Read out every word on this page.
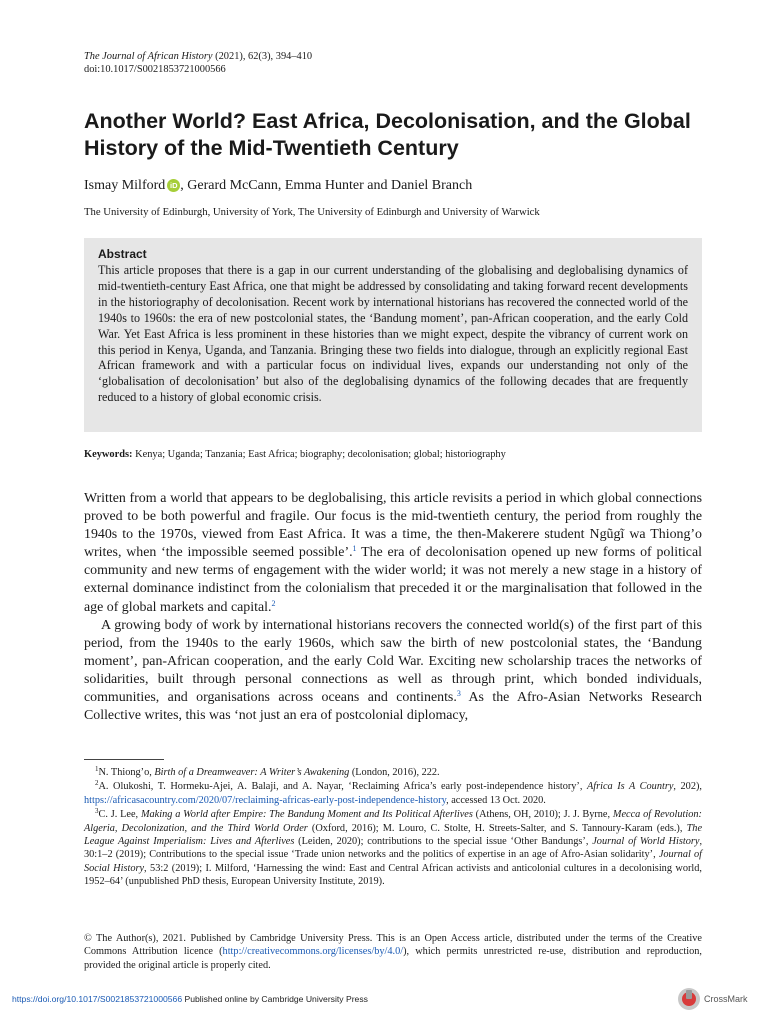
The Journal of African History (2021), 62(3), 394–410
doi:10.1017/S0021853721000566
Another World? East Africa, Decolonisation, and the Global History of the Mid-Twentieth Century
Ismay Milford iD , Gerard McCann, Emma Hunter and Daniel Branch
The University of Edinburgh, University of York, The University of Edinburgh and University of Warwick
Abstract

This article proposes that there is a gap in our current understanding of the globalising and deglobalising dynamics of mid-twentieth-century East Africa, one that might be addressed by consolidating and taking forward recent developments in the historiography of decolonisation. Recent work by international historians has recovered the connected world of the 1940s to 1960s: the era of new postcolonial states, the ‘Bandung moment’, pan-African cooperation, and the early Cold War. Yet East Africa is less prominent in these histories than we might expect, despite the vibrancy of current work on this period in Kenya, Uganda, and Tanzania. Bringing these two fields into dialogue, through an explicitly regional East African framework and with a particular focus on individual lives, expands our understanding not only of the ‘globalisation of decolonisation’ but also of the deglobalising dynamics of the following decades that are frequently reduced to a history of global economic crisis.

Keywords: Kenya; Uganda; Tanzania; East Africa; biography; decolonisation; global; historiography

Written from a world that appears to be deglobalising, this article revisits a period in which global connections proved to be both powerful and fragile. Our focus is the mid-twentieth century, the period from roughly the 1940s to the 1970s, viewed from East Africa. It was a time, the then-Makerere student Ngũgĩ wa Thiong’o writes, when ‘the impossible seemed possible’.$^1$ The era of decolonisation opened up new forms of political community and new terms of engagement with the wider world; it was not merely a new stage in a history of external dominance indistinct from the colonialism that preceded it or the marginalisation that followed in the age of global markets and capital.$^2$

A growing body of work by international historians recovers the connected world(s) of the first part of this period, from the 1940s to the early 1960s, which saw the birth of new postcolonial states, the ‘Bandung moment’, pan-African cooperation, and the early Cold War. Exciting new scholarship traces the networks of solidarities, built through personal connections as well as through print, which bonded individuals, communities, and organisations across oceans and continents.$^3$ As the Afro-Asian Networks Research Collective writes, this was ‘not just an era of postcolonial diplomacy,

$^1$N. Thiong’o, Birth of a Dreamweaver: A Writer’s Awakening (London, 2016), 222.

$^2$A. Olukoshi, T. Hormeku-Ajei, A. Balaji, and A. Nayar, ‘Reclaiming Africa’s early post-independence history’, Africa Is A Country, 202), https://africasacountry.com/2020/07/reclaiming-africas-early-post-independence-history, accessed 13 Oct. 2020.

$^3$C. J. Lee, Making a World after Empire: The Bandung Moment and Its Political Afterlives (Athens, OH, 2010); J. J. Byrne, Mecca of Revolution: Algeria, Decolonization, and the Third World Order (Oxford, 2016); M. Louro, C. Stolte, H. Streets-Salter, and S. Tannoury-Karam (eds.), The League Against Imperialism: Lives and Afterlives (Leiden, 2020); contributions to the special issue ‘Other Bandungs’, Journal of World History, 30:1–2 (2019); Contributions to the special issue ‘Trade union networks and the politics of expertise in an age of Afro-Asian solidarity’, Journal of Social History, 53:2 (2019); I. Milford, ‘Harnessing the wind: East and Central African activists and anticolonial cultures in a decolonising world, 1952–64’ (unpublished PhD thesis, European University Institute, 2019).

© The Author(s), 2021. Published by Cambridge University Press. This is an Open Access article, distributed under the terms of the Creative Commons Attribution licence (http://creativecommons.org/licenses/by/4.0/), which permits unrestricted re-use, distribution and reproduction, provided the original article is properly cited.

https://doi.org/10.1017/S0021853721000566 Published online by Cambridge University Press	CrossMark
